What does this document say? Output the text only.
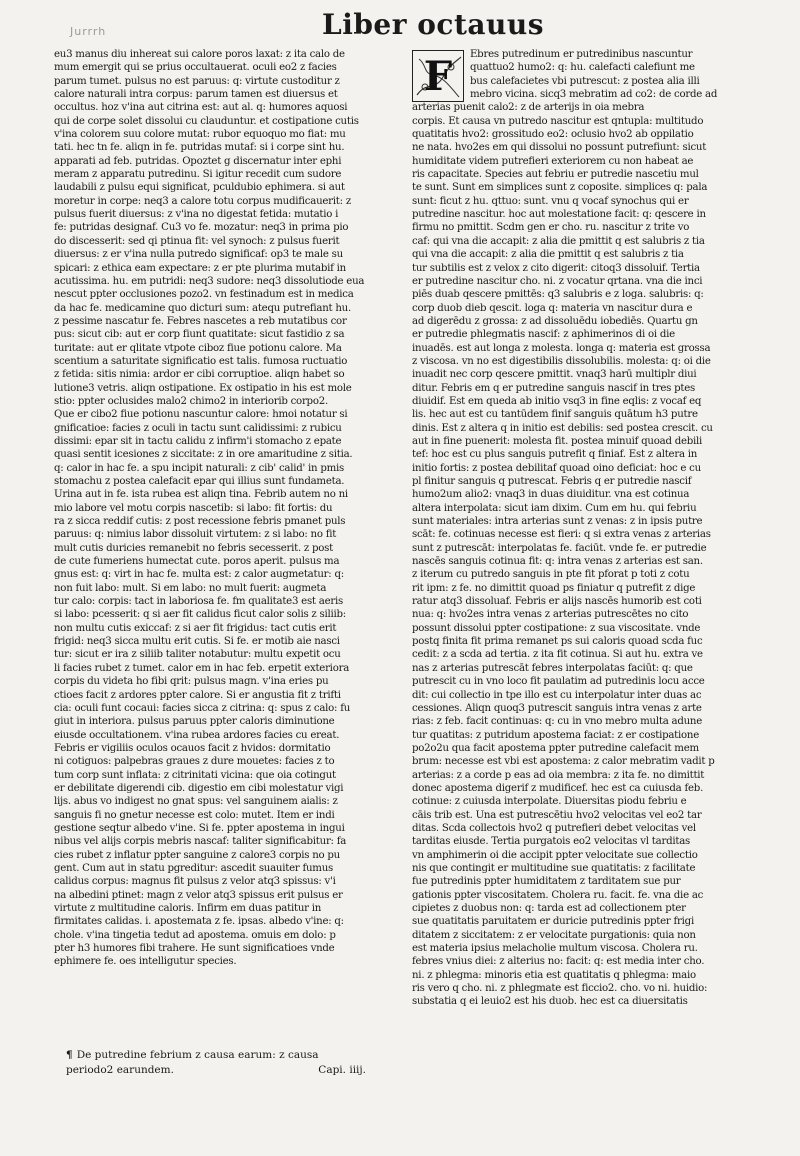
Jurrrh	Liber octauus
eu3 manus diu inhereat sui calore poros laxat: z ita calo de
mum emergit qui se prius occultauerat. oculi eo2 z facies
parum tumet. pulsus no est paruus: q: virtute custoditur z
calore naturali intra corpus: parum tamen est diuersus et
occultus. hoz v'ina aut citrina est: aut al. q: humores aquosi
qui de corpe solet dissolui cu clauduntur. et costipatione cutis
v'ina colorem suu colore mutat: rubor equoquo mo fiat: mu
tati. hec tn fe. aliqn in fe. putridas mutaf: si i corpe sint hu.
apparati ad feb. putridas. Opoztet g discernatur inter ephi
meram z apparatu putredinu. Si igitur recedit cum sudore
laudabili z pulsu equi significat, pculdubio ephimera. si aut
moretur in corpe: neq3 a calore totu corpus mudificauerit: z
pulsus fuerit diuersus: z v'ina no digestat fetida: mutatio i
fe: putridas designaf. Cu3 vo fe. mozatur: neq3 in prima pio
do discesserit: sed qi ptinua fit: vel synoch: z pulsus fuerit
diuersus: z er v'ina nulla putredo significaf: op3 te male su
spicari: z ethica eam expectare: z er pte plurima mutabif in
acutissima. hu. em putridi: neq3 sudore: neq3 dissolutiode eua
nescut ppter occlusiones pozo2. vn festinadum est in medica
da hac fe. medicamine quo dicturi sum: atequ putrefiant hu.
z pessime nascatur fe. Febres nascetes a reb mutatibus cor
pus: sicut cib: aut er corp fiunt quatitate: sicut fastidio z sa
turitate: aut er qlitate vtpote ciboz fiue potionu calore. Ma
scentium a saturitate significatio est talis. fumosa ructuatio
z fetida: sitis nimia: ardor er cibi corruptioe. aliqn habet so
lutione3 vetris. aliqn ostipatione. Ex ostipatio in his est mole
stio: ppter oclusides malo2 chimo2 in interiorib corpo2.
Que er cibo2 fiue potionu nascuntur calore: hmoi notatur si
gnificatioe: facies z oculi in tactu sunt calidissimi: z rubicu
dissimi: epar sit in tactu calidu z infirm'i stomacho z epate
quasi sentit icesiones z siccitate: z in ore amaritudine z sitia.
q: calor in hac fe. a spu incipit naturali: z cib' calid' in pmis
stomachu z postea calefacit epar qui illius sunt fundameta.
Urina aut in fe. ista rubea est aliqn tina. Febrib autem no ni
mio labore vel motu corpis nascetib: si labo: fit fortis: du
ra z sicca reddif cutis: z post recessione febris pmanet puls
paruus: q: nimius labor dissoluit virtutem: z si labo: no fit
mult cutis duricies remanebit no febris secesserit. z post
de cute fumeriens humectat cute. poros aperit. pulsus ma
gnus est: q: virt in hac fe. multa est: z calor augmetatur: q:
non fuit labo: mult. Si em labo: no mult fuerit: augmeta
tur calo: corpis: tact in laboriosa fe. fm qualitate3 est aeris
si labo: pcesserit: q si aer fit calidus ficut calor solis z siliib:
non multu cutis exiccaf: z si aer fit frigidus: tact cutis erit
frigid: neq3 sicca multu erit cutis. Si fe. er motib aie nasci
tur: sicut er ira z siliib taliter notabutur: multu expetit ocu
li facies rubet z tumet. calor em in hac feb. erpetit exteriora
corpis du videta ho fibi qrit: pulsus magn. v'ina eries pu
ctioes facit z ardores ppter calore. Si er angustia fit z trifti
cia: oculi funt cocaui: facies sicca z citrina: q: spus z calo: fu
giut in interiora. pulsus paruus ppter caloris diminutione
eiusde occultationem. v'ina rubea ardores facies cu ereat.
Febris er vigiliis oculos ocauos facit z hvidos: dormitatio
ni cotiguos: palpebras graues z dure mouetes: facies z to
tum corp sunt inflata: z citrinitati vicina: que oia cotingut
er debilitate digerendi cib. digestio em cibi molestatur vigi
lijs. abus vo indigest no gnat spus: vel sanguinem aialis: z
sanguis fi no gnetur necesse est colo: mutet. Item er indi
gestione seqtur albedo v'ine. Si fe. ppter apostema in ingui
nibus vel alijs corpis mebris nascaf: taliter significabitur: fa
cies rubet z inflatur ppter sanguine z calore3 corpis no pu
gent. Cum aut in statu pgreditur: ascedit suauiter fumus
calidus corpus: magnus fit pulsus z velor atq3 spissus: v'i
na albedini ptinet: magn z velor atq3 spissus erit pulsus er
virtute z multitudine caloris. Infirm em duas patitur in
firmitates calidas. i. apostemata z fe. ipsas. albedo v'ine: q:
chole. v'ina tingetia tedut ad apostema. omuis em dolo: p
pter h3 humores fibi trahere. He sunt significatioes vnde
ephimere fe. oes intelligutur species.
F	Ebres putredinum er putredinibus nascuntur
quattuo2 humo2: q: hu. calefacti calefiunt me
bus calefacietes vbi putrescut: z postea alia illi
mebro vicina. sicq3 mebratim ad co2: de corde ad
arterias puenit calo2: z de arterijs in oia mebra
corpis. Et causa vn putredo nascitur est qntupla: multitudo
quatitatis hvo2: grossitudo eo2: oclusio hvo2 ab oppilatio
ne nata. hvo2es em qui dissolui no possunt putrefiunt: sicut
humiditate videm putrefieri exteriorem cu non habeat ae
ris capacitate. Species aut febriu er putredie nascetiu mul
te sunt. Sunt em simplices sunt z coposite. simplices q: pala
sunt: ficut z hu. qttuo: sunt. vnu q vocaf synochus qui er
putredine nascitur. hoc aut molestatione facit: q: qescere in
firmu no pmittit. Scdm gen er cho. ru. nascitur z trite vo
caf: qui vna die accapit: z alia die pmittit q est salubris z tia
qui vna die accapit: z alia die pmittit q est salubris z tia
tur subtilis est z velox z cito digerit: citoq3 dissoluif. Tertia
er putredine nascitur cho. ni. z vocatur qrtana. vna die inci
piēs duab qescere pmittēs: q3 salubris e z loga. salubris: q:
corp duob dieb qescit. loga q: materia vn nascitur dura e
ad digerēdu z grossa: z ad dissoluēdu iobediēs. Quartu gn
er putredie phlegmatis nascif: z aphimerinos di oi die
inuadēs. est aut longa z molesta. longa q: materia est grossa
z viscosa. vn no est digestibilis dissolubilis. molesta: q: oi die
inuadit nec corp qescere pmittit. vnaq3 harū multiplr diui
ditur. Febris em q er putredine sanguis nascif in tres ptes
diuidif. Est em queda ab initio vsq3 in fine eqlis: z vocaf eq
lis. hec aut est cu tantūdem finif sanguis quātum h3 putre
dinis. Est z altera q in initio est debilis: sed postea crescit. cu
aut in fine puenerit: molesta fit. postea minuif quoad debili
tef: hoc est cu plus sanguis putrefit q finiaf. Est z altera in
initio fortis: z postea debilitaf quoad oino deficiat: hoc e cu
pl finitur sanguis q putrescat. Febris q er putredie nascif
humo2um alio2: vnaq3 in duas diuiditur. vna est cotinua
altera interpolata: sicut iam dixim. Cum em hu. qui febriu
sunt materiales: intra arterias sunt z venas: z in ipsis putre
scāt: fe. cotinuas necesse est fieri: q si extra venas z arterias
sunt z putrescāt: interpolatas fe. faciūt. vnde fe. er putredie
nascēs sanguis cotinua fit: q: intra venas z arterias est san.
z iterum cu putredo sanguis in pte fit pforat p toti z cotu
rit ipm: z fe. no dimittit quoad ps finiatur q putrefit z dige
ratur atq3 dissoluaf. Febris er alijs nascēs humorib est coti
nua: q: hvo2es intra venas z arterias putrescētes no cito
possunt dissolui ppter costipatione: z sua viscositate. vnde
postq finita fit prima remanet ps sui caloris quoad scda fuc
cedit: z a scda ad tertia. z ita fit cotinua. Si aut hu. extra ve
nas z arterias putrescāt febres interpolatas faciūt: q: que
putrescit cu in vno loco fit paulatim ad putredinis locu acce
dit: cui collectio in tpe illo est cu interpolatur inter duas ac
cessiones. Aliqn quoq3 putrescit sanguis intra venas z arte
rias: z feb. facit continuas: q: cu in vno mebro multa adune
tur quatitas: z putridum apostema faciat: z er costipatione
po2o2u qua facit apostema ppter putredine calefacit mem
brum: necesse est vbi est apostema: z calor mebratim vadit p
arterias: z a corde p eas ad oia membra: z ita fe. no dimittit
donec apostema digerif z mudificef. hec est ca cuiusda feb.
cotinue: z cuiusda interpolate. Diuersitas piodu febriu e
cāis trib est. Una est putrescētiu hvo2 velocitas vel eo2 tar
ditas. Scda collectois hvo2 q putrefieri debet velocitas vel
tarditas eiusde. Tertia purgatois eo2 velocitas vl tarditas
vn amphimerin oi die accipit ppter velocitate sue collectio
nis que contingit er multitudine sue quatitatis: z facilitate
fue putredinis ppter humiditatem z tarditatem sue pur
gationis ppter viscositatem. Cholera ru. facit. fe. vna die ac
cipietes z duobus non: q: tarda est ad collectionem pter
sue quatitatis paruitatem er duricie putredinis ppter frigi
ditatem z siccitatem: z er velocitate purgationis: quia non
est materia ipsius melacholie multum viscosa. Cholera ru.
febres vnius diei: z alterius no: facit: q: est media inter cho.
ni. z phlegma: minoris etia est quatitatis q phlegma: maio
ris vero q cho. ni. z phlegmate est ficcio2. cho. vo ni. huidio:
substatia q ei leuio2 est his duob. hec est ca diuersitatis
¶ De putredine febrium z causa earum: z causa
periodo2 earundem.	Capi. iiij.
